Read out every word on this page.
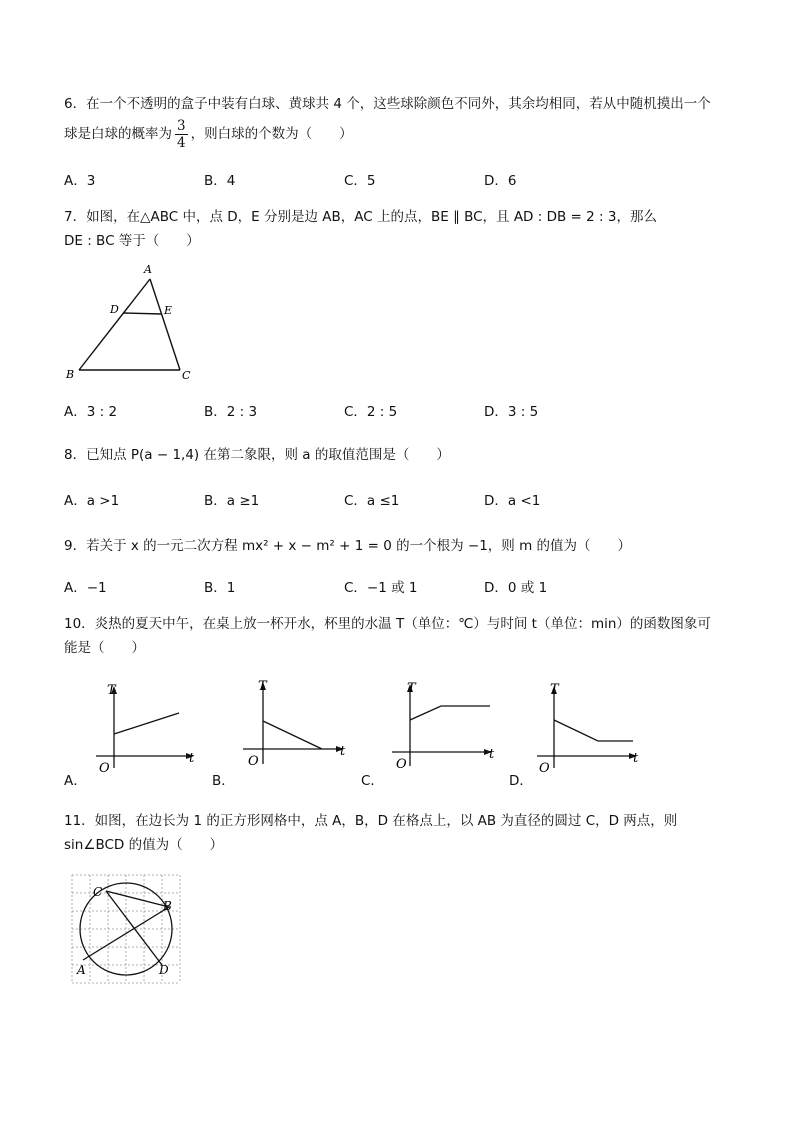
6．在一个不透明的盒子中装有白球、黄球共 4 个，这些球除颜色不同外，其余均相同，若从中随机摸出一个
球是白球的概率为 $\frac{3}{4}$ ，则白球的个数为（　　）
A．3	B．4	C．5	D．6
7．如图，在△ABC 中，点 D，E 分别是边 AB，AC 上的点，BE ∥ BC，且 AD : DB = 2 : 3，那么
DE : BC 等于（　　）
A
D	E
B	C
A．3 : 2	B．2 : 3	C．2 : 5	D．3 : 5
8．已知点 P(a − 1,4) 在第二象限，则 a 的取值范围是（　　）
A．a >1	B．a ≥1	C．a ≤1	D．a <1
9．若关于 x 的一元二次方程 mx² + x − m² + 1 = 0 的一个根为 −1，则 m 的值为（　　）
A．−1	B．1	C．−1 或 1	D．0 或 1
10．炎热的夏天中午，在桌上放一杯开水，杯里的水温 T（单位：℃）与时间 t（单位：min）的函数图象可
能是（　　）
T
t
O
A．
T
t
O
B．
T
t
O
C．
T
t
O
D．
11．如图，在边长为 1 的正方形网格中，点 A，B，D 在格点上，以 AB 为直径的圆过 C，D 两点，则
sin∠BCD 的值为（　　）
C
B
A	D
